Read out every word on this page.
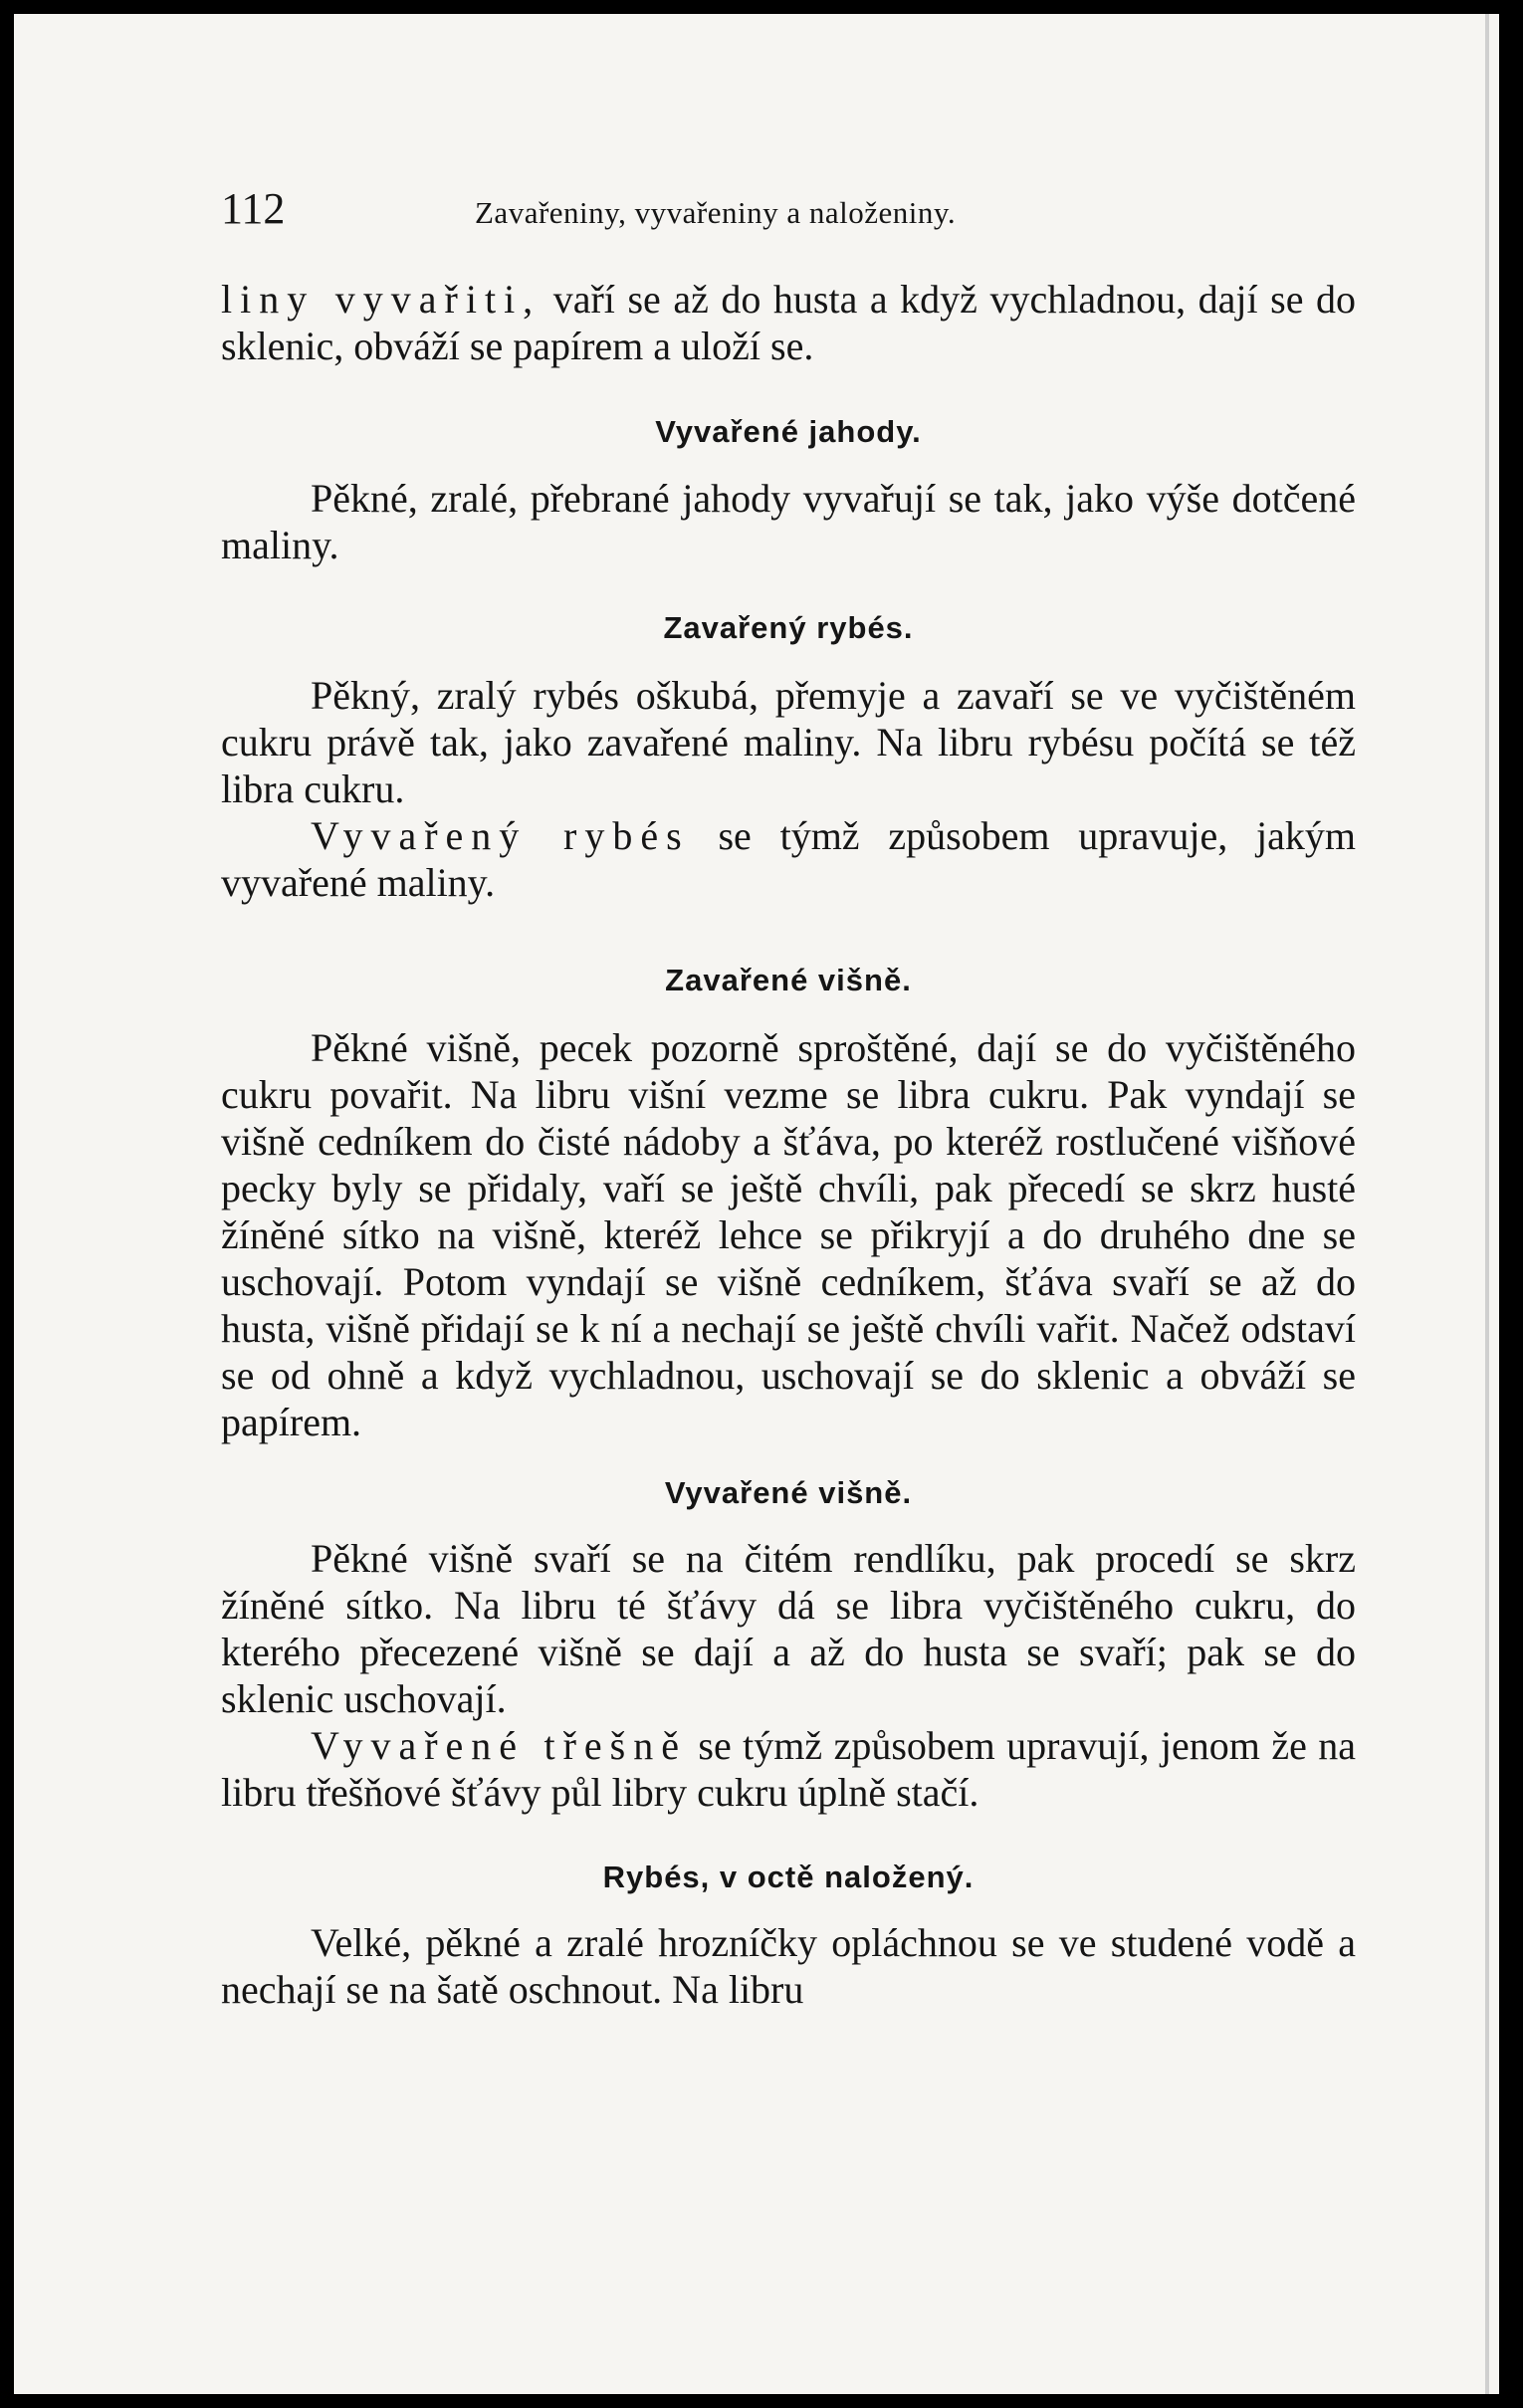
112	Zavařeniny, vyvařeniny a naloženiny.

liny vyvařiti, vaří se až do husta a když vychladnou, dají se do sklenic, obváží se papírem a uloží se.

Vyvařené jahody.

Pěkné, zralé, přebrané jahody vyvařují se tak, jako výše dotčené maliny.

Zavařený rybés.

Pěkný, zralý rybés oškubá, přemyje a zavaří se ve vyčištěném cukru právě tak, jako zavařené maliny. Na libru rybésu počítá se též libra cukru.

Vyvařený rybés se týmž způsobem upravuje, jakým vyvařené maliny.

Zavařené višně.

Pěkné višně, pecek pozorně sproštěné, dají se do vyčištěného cukru povařit. Na libru višní vezme se libra cukru. Pak vyndají se višně cedníkem do čisté nádoby a šťáva, po kteréž rostlučené višňové pecky byly se přidaly, vaří se ještě chvíli, pak přecedí se skrz husté žíněné sítko na višně, kteréž lehce se přikryjí a do druhého dne se uschovají. Potom vyndají se višně cedníkem, šťáva svaří se až do husta, višně přidají se k ní a nechají se ještě chvíli vařit. Načež odstaví se od ohně a když vychladnou, uschovají se do sklenic a obváží se papírem.

Vyvařené višně.

Pěkné višně svaří se na čitém rendlíku, pak procedí se skrz žíněné sítko. Na libru té šťávy dá se libra vyčištěného cukru, do kterého přecezené višně se dají a až do husta se svaří; pak se do sklenic uschovají.

Vyvařené třešně se týmž způsobem upravují, jenom že na libru třešňové šťávy půl libry cukru úplně stačí.

Rybés, v octě naložený.

Velké, pěkné a zralé hrozníčky opláchnou se ve studené vodě a nechají se na šatě oschnout. Na libru
